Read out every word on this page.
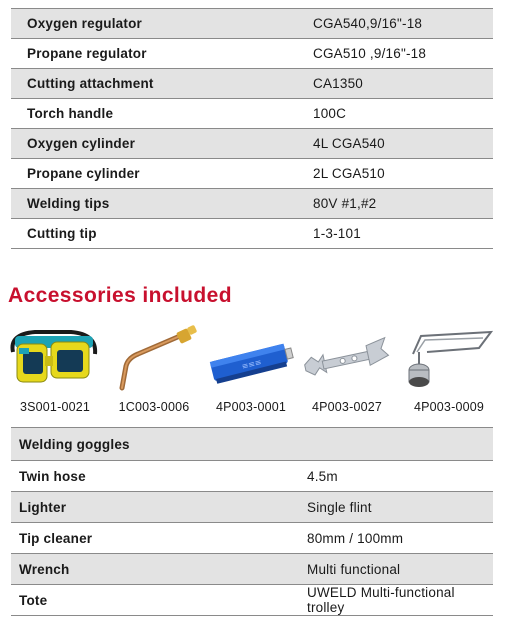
Oxygen regulator	CGA540,9/16"-18
Propane regulator	CGA510 ,9/16"-18
Cutting attachment	CA1350
Torch handle	100C
Oxygen cylinder	4L CGA540
Propane cylinder	2L CGA510
Welding tips	80V #1,#2
Cutting tip	1-3-101
Accessories included
3S001-0021	1C003-0006
≡≡≡
4P003-0001	4P003-0027	4P003-0009
Welding goggles
Twin hose	4.5m
Lighter	Single flint
Tip cleaner	80mm / 100mm
Wrench	Multi functional
Tote	UWELD Multi-functional trolley
